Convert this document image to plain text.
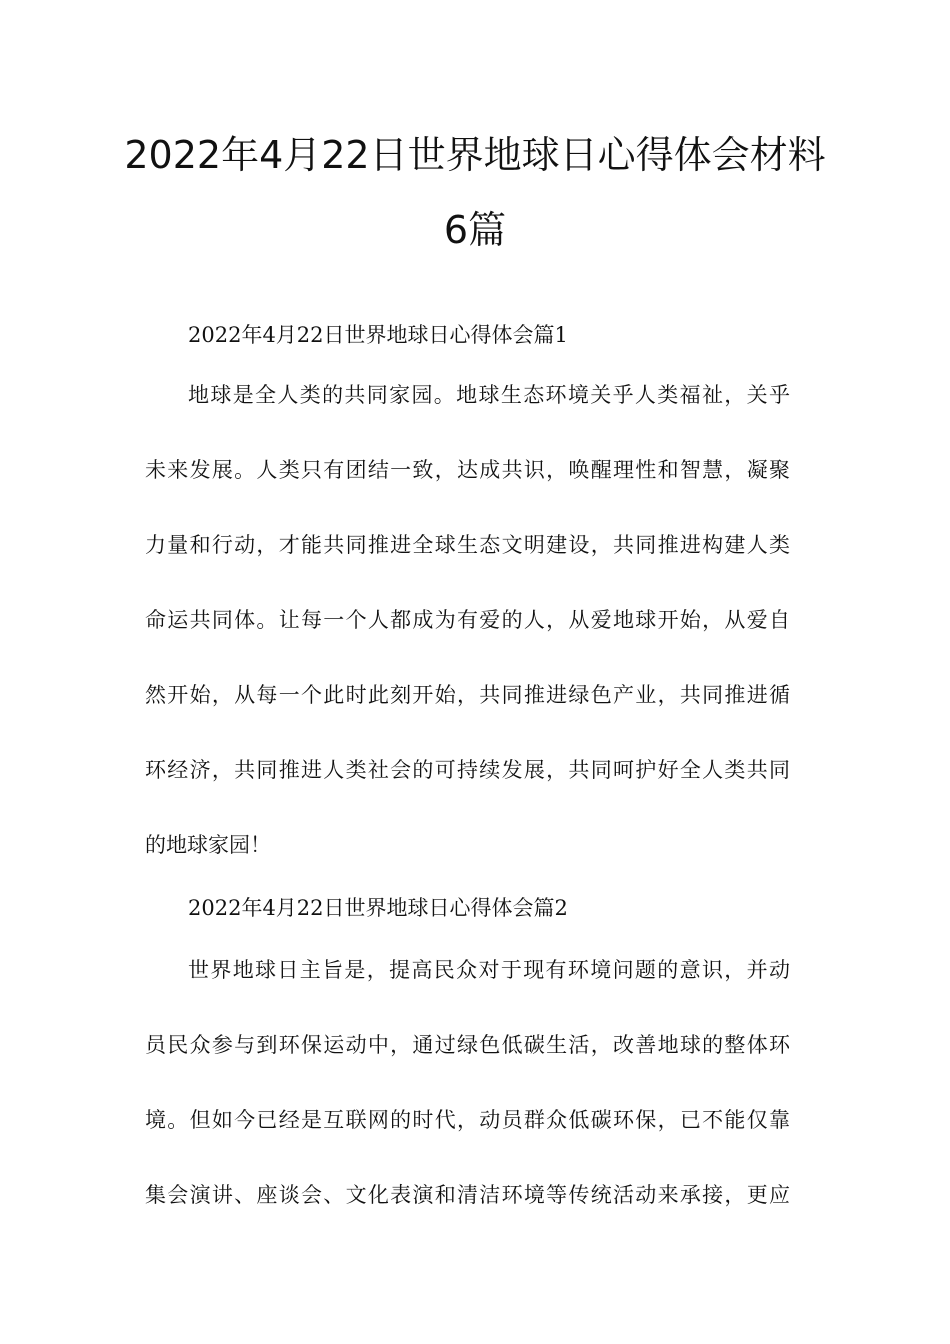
2022年4月22日世界地球日心得体会材料
6篇
2022年4月22日世界地球日心得体会篇1
地球是全人类的共同家园。地球生态环境关乎人类福祉，关乎
未来发展。人类只有团结一致，达成共识，唤醒理性和智慧，凝聚
力量和行动，才能共同推进全球生态文明建设，共同推进构建人类
命运共同体。让每一个人都成为有爱的人，从爱地球开始，从爱自
然开始，从每一个此时此刻开始，共同推进绿色产业，共同推进循
环经济，共同推进人类社会的可持续发展，共同呵护好全人类共同
的地球家园！
2022年4月22日世界地球日心得体会篇2
世界地球日主旨是，提高民众对于现有环境问题的意识，并动
员民众参与到环保运动中，通过绿色低碳生活，改善地球的整体环
境。但如今已经是互联网的时代，动员群众低碳环保，已不能仅靠
集会演讲、座谈会、文化表演和清洁环境等传统活动来承接，更应
